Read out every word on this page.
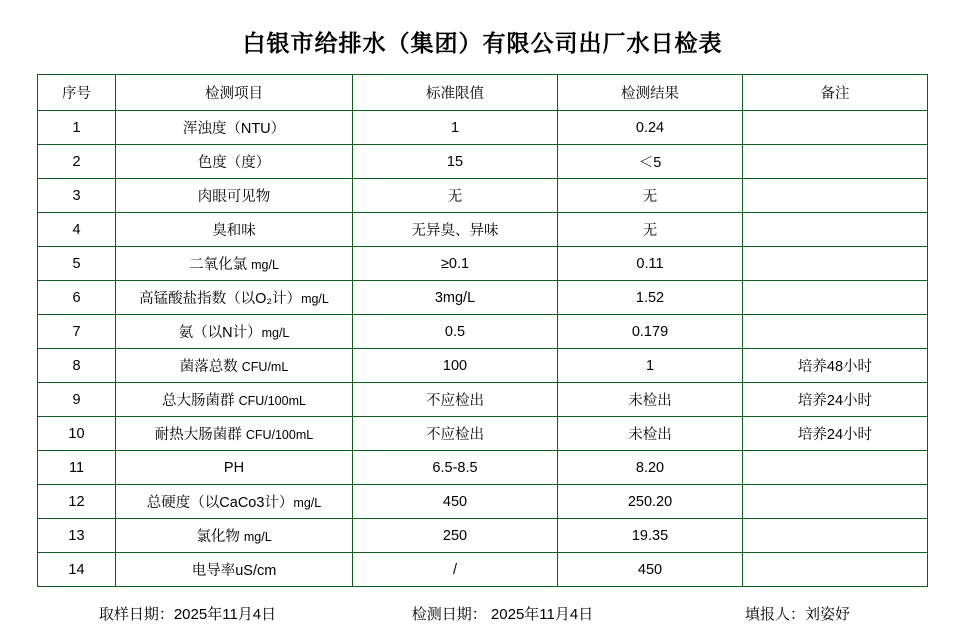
白银市给排水（集团）有限公司出厂水日检表
序号	检测项目	标准限值	检测结果	备注
1	浑浊度（NTU）	1	0.24	
2	色度（度）	15	＜5	
3	肉眼可见物	无	无	
4	臭和味	无异臭、异味	无	
5	二氧化氯 mg/L	≥0.1	0.11	
6	高锰酸盐指数（以O₂计）mg/L	3mg/L	1.52	
7	氨（以N计）mg/L	0.5	0.179	
8	菌落总数 CFU/mL	100	1	培养48小时
9	总大肠菌群 CFU/100mL	不应检出	未检出	培养24小时
10	耐热大肠菌群 CFU/100mL	不应检出	未检出	培养24小时
11	PH	6.5-8.5	8.20	
12	总硬度（以CaCo3计）mg/L	450	250.20	
13	氯化物 mg/L	250	19.35	
14	电导率uS/cm	/	450	
取样日期：2025年11月4日	检测日期： 2025年11月4日	填报人：刘姿妤
